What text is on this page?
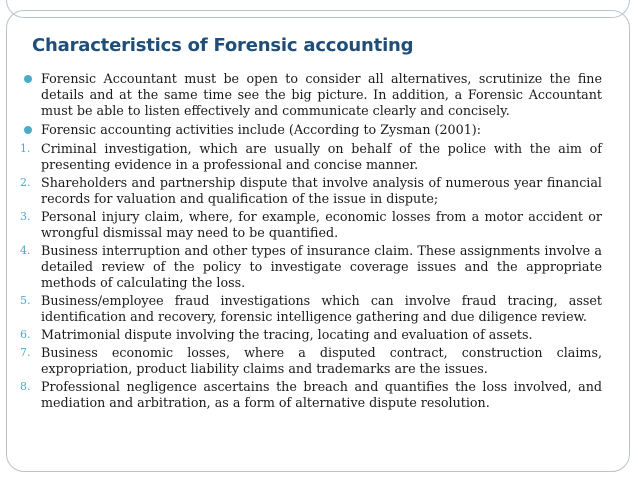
Characteristics of Forensic accounting
Forensic Accountant must be open to consider all alternatives, scrutinize the fine details and at the same time see the big picture. In addition, a Forensic Accountant must be able to listen effectively and communicate clearly and concisely.
Forensic accounting activities include (According to Zysman (2001):
1. Criminal investigation, which are usually on behalf of the police with the aim of presenting evidence in a professional and concise manner.
2. Shareholders and partnership dispute that involve analysis of numerous year financial records for valuation and qualification of the issue in dispute;
3. Personal injury claim, where, for example, economic losses from a motor accident or wrongful dismissal may need to be quantified.
4. Business interruption and other types of insurance claim. These assignments involve a detailed review of the policy to investigate coverage issues and the appropriate methods of calculating the loss.
5. Business/employee fraud investigations which can involve fraud tracing, asset identification and recovery, forensic intelligence gathering and due diligence review.
6. Matrimonial dispute involving the tracing, locating and evaluation of assets.
7. Business economic losses, where a disputed contract, construction claims, expropriation, product liability claims and trademarks are the issues.
8. Professional negligence ascertains the breach and quantifies the loss involved, and mediation and arbitration, as a form of alternative dispute resolution.
